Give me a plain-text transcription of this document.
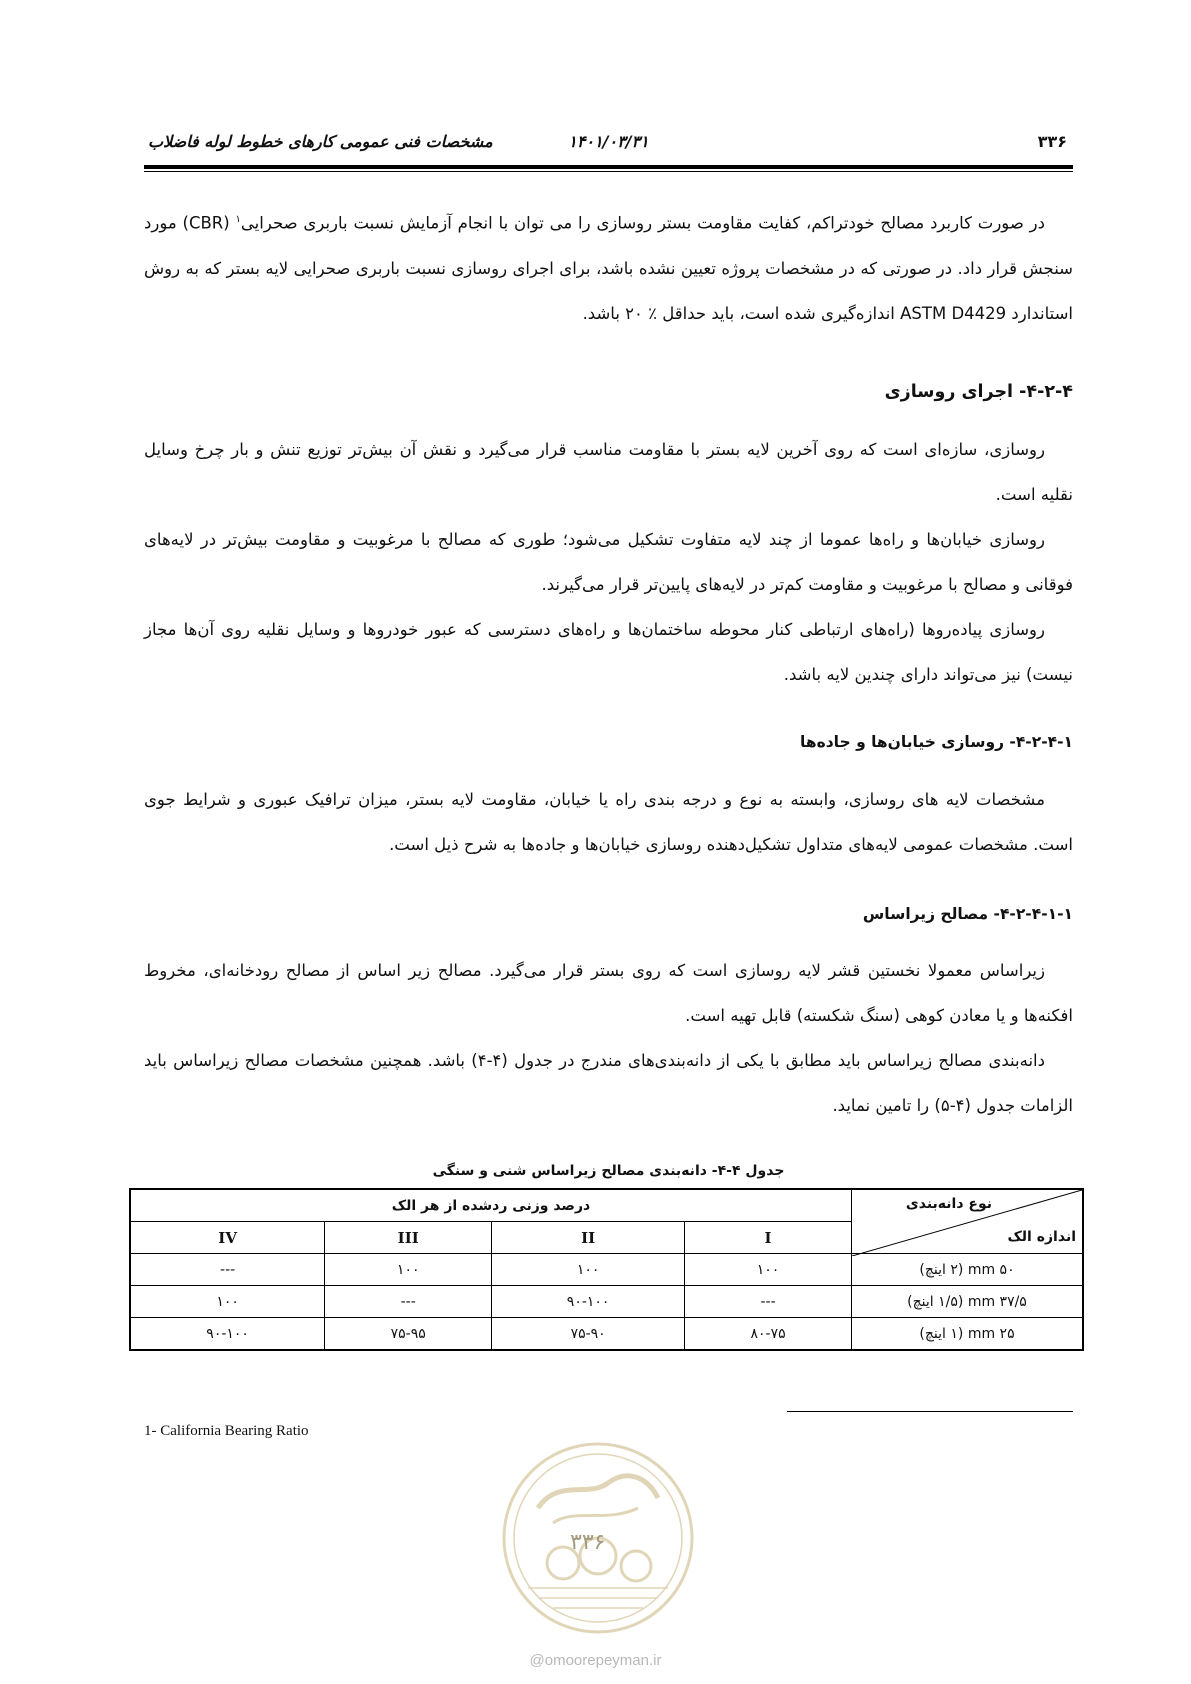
۳۳۶
۱۴۰۱/۰۳/۳۱
مشخصات فنی عمومی کارهای خطوط لوله فاضلاب

در صورت کاربرد مصالح خودتراکم، کفایت مقاومت بستر روسازی را می توان با انجام آزمایش نسبت باربری صحرایی$^۱$ (CBR) مورد سنجش قرار داد. در صورتی که در مشخصات پروژه تعیین نشده باشد، برای اجرای روسازی نسبت باربری صحرایی لایه بستر که به روش استاندارد ASTM D4429 اندازه‌گیری شده است، باید حداقل ٪ ۲۰ باشد.

۴-۲-۴- اجرای روسازی

روسازی، سازه‌ای است که روی آخرین لایه بستر با مقاومت مناسب قرار می‌گیرد و نقش آن بیش‌تر توزیع تنش و بار چرخ وسایل نقلیه است.

روسازی خیابان‌ها و راه‌ها عموما از چند لایه متفاوت تشکیل می‌شود؛ طوری که مصالح با مرغوبیت و مقاومت بیش‌تر در لایه‌های فوقانی و مصالح با مرغوبیت و مقاومت کم‌تر در لایه‌های پایین‌تر قرار می‌گیرند.

روسازی پیاده‌روها (راه‌های ارتباطی کنار محوطه ساختمان‌ها و راه‌های دسترسی که عبور خودروها و وسایل نقلیه روی آن‌ها مجاز نیست) نیز می‌تواند دارای چندین لایه باشد.

۴-۲-۴-۱- روسازی خیابان‌ها و جاده‌ها

مشخصات لایه های روسازی، وابسته به نوع و درجه بندی راه یا خیابان، مقاومت لایه بستر، میزان ترافیک عبوری و شرایط جوی است. مشخصات عمومی لایه‌های متداول تشکیل‌دهنده روسازی خیابان‌ها و جاده‌ها به شرح ذیل است.

۴-۲-۴-۱-۱- مصالح زیراساس

زیراساس معمولا نخستین قشر لایه روسازی است که روی بستر قرار می‌گیرد. مصالح زیر اساس از مصالح رودخانه‌ای، مخروط افکنه‌ها و یا معادن کوهی (سنگ شکسته) قابل تهیه است.

دانه‌بندی مصالح زیراساس باید مطابق با یکی از دانه‌بندی‌های مندرج در جدول (۴-۴) باشد. همچنین مشخصات مصالح زیراساس باید الزامات جدول (۴-۵) را تامین نماید.

جدول ۴-۴- دانه‌بندی مصالح زیراساس شنی و سنگی
نوع دانه‌بندی
اندازه الک	درصد وزنی ردشده از هر الک			
	I	II	III	IV
۵۰ mm (۲ اینچ)	۱۰۰	۱۰۰	۱۰۰	---
۳۷/۵ mm (۱/۵ اینچ)	---	۹۰-۱۰۰	---	۱۰۰
۲۵ mm (۱ اینچ)	۸۰-۷۵	۷۵-۹۰	۷۵-۹۵	۹۰-۱۰۰
1- California Bearing Ratio
۳۳۶
@omoorepeyman.ir
